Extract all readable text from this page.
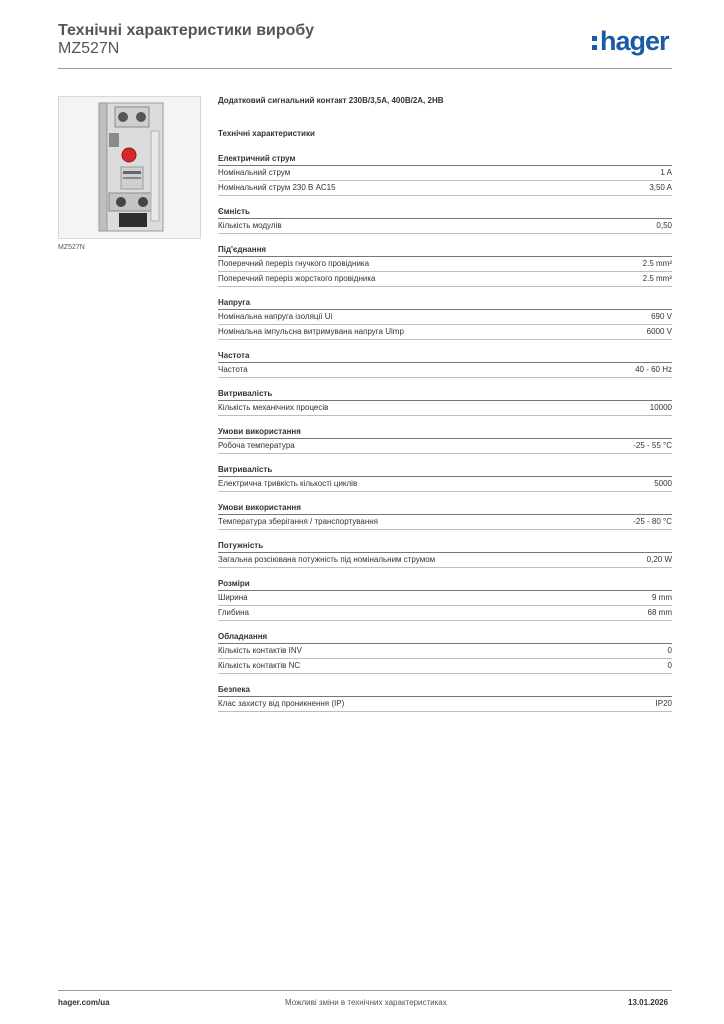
Технічні характеристики виробу
MZ527N	hager
MZ527N
Додатковий сигнальний контакт 230В/3,5А, 400В/2А, 2НВ
Технічні характеристики
Електричний струм
Номінальний струм	1 A
Номінальний струм 230 В AC15	3,50 A
Ємність
Кількість модулів	0,50
Під'єднання
Поперечний переріз гнучкого провідника	2.5 mm²
Поперечний переріз жорсткого провідника	2.5 mm²
Напруга
Номінальна напруга ізоляції Ui	690 V
Номінальна імпульсна витримувана напруга Uimp	6000 V
Частота
Частота	40 - 60 Hz
Витривалість
Кількість механічних процесів	10000
Умови використання
Робоча температура	-25 - 55 °C
Витривалість
Електрична тривкість кількості циклів	5000
Умови використання
Температура зберігання / транспортування	-25 - 80 °C
Потужність
Загальна розсіювана потужність під номінальним струмом	0,20 W
Розміри
Ширина	9 mm
Глибина	68 mm
Обладнання
Кількість контактів INV	0
Кількість контактів NC	0
Безпека
Клас захисту від проникнення (IP)	IP20
hager.com/ua	Можливі зміни в технічних характеристиках	13.01.2026
